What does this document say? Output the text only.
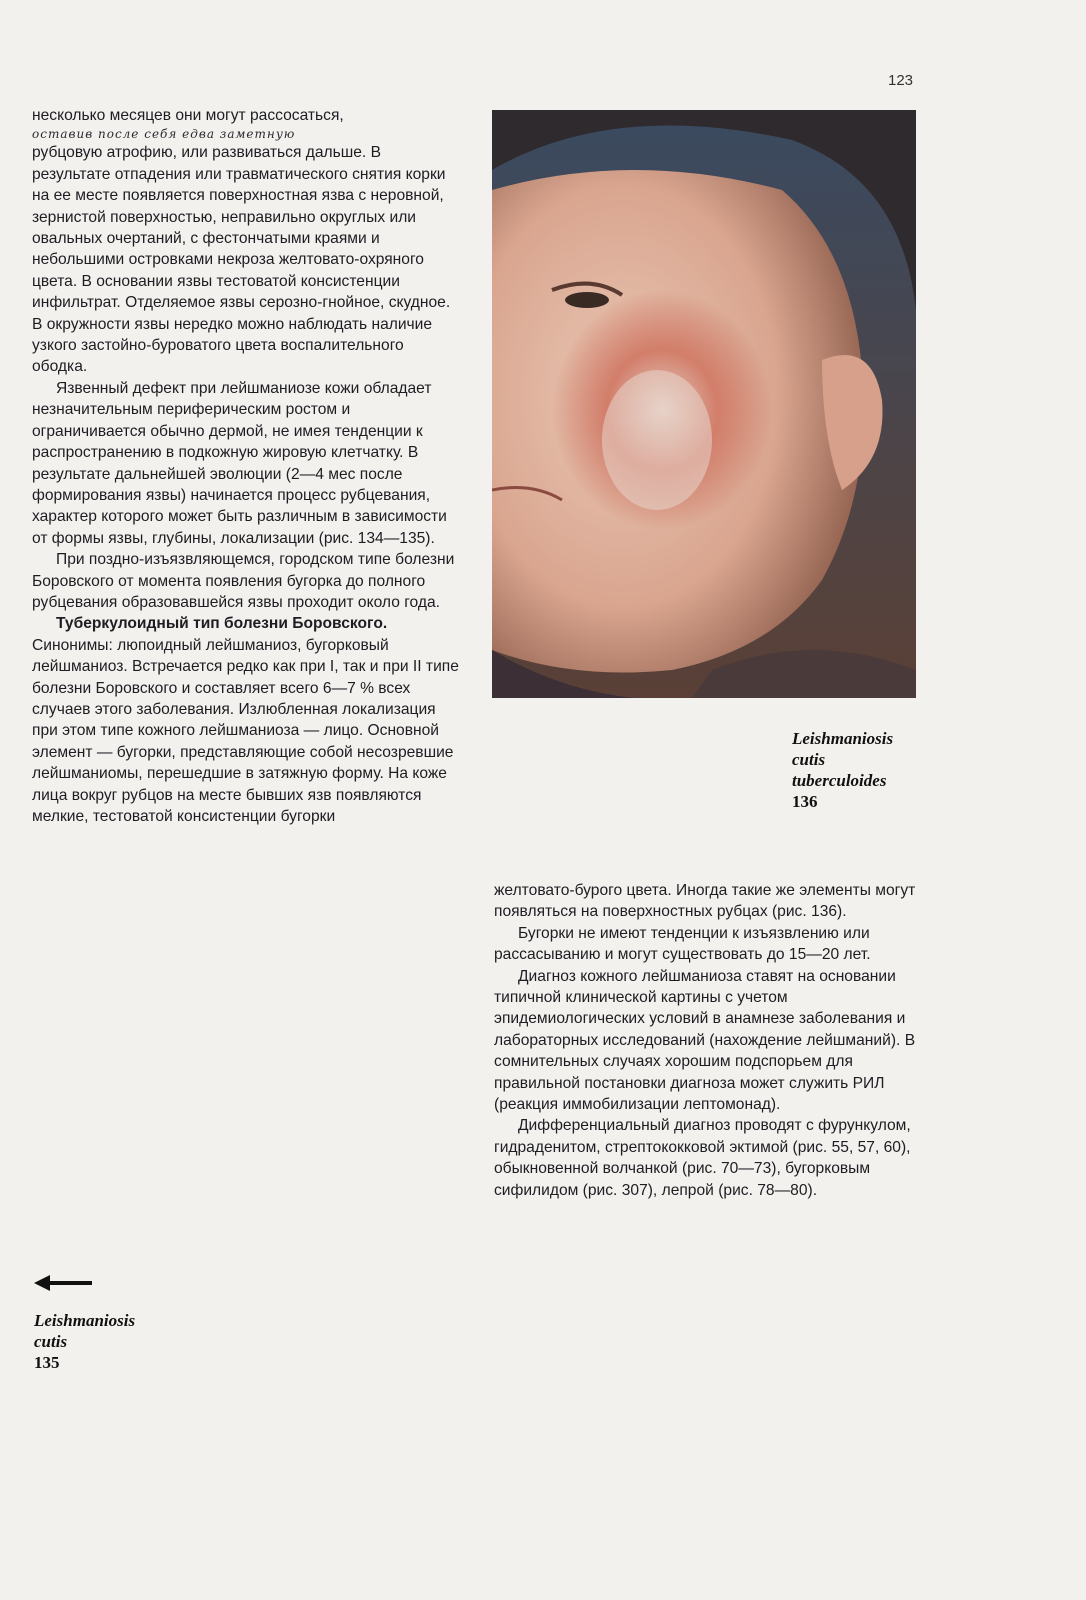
123

несколько месяцев они могут рассосаться,

оставив после себя едва заметную

рубцовую атрофию, или развиваться дальше. В результате отпадения или травматического снятия корки на ее месте появляется поверхностная язва с неровной, зернистой поверхностью, неправильно округлых или овальных очертаний, с фестончатыми краями и небольшими островками некроза желтовато-охряного цвета. В основании язвы тестоватой консистенции инфильтрат. Отделяемое язвы серозно-гнойное, скудное. В окружности язвы нередко можно наблюдать наличие узкого застойно-буроватого цвета воспалительного ободка.

Язвенный дефект при лейшманиозе кожи обладает незначительным периферическим ростом и ограничивается обычно дермой, не имея тенденции к распространению в подкожную жировую клетчатку. В результате дальнейшей эволюции (2—4 мес после формирования язвы) начинается процесс рубцевания, характер которого может быть различным в зависимости от формы язвы, глубины, локализации (рис. 134—135).

При поздно-изъязвляющемся, городском типе болезни Боровского от момента появления бугорка до полного рубцевания образовавшейся язвы проходит около года.

Туберкулоидный тип болезни Боровского. Синонимы: люпоидный лейшманиоз, бугорковый лейшманиоз. Встречается редко как при I, так и при II типе болезни Боровского и составляет всего 6—7 % всех случаев этого заболевания. Излюбленная локализация при этом типе кожного лейшманиоза — лицо. Основной элемент — бугорки, представляющие собой несозревшие лейшманиомы, перешедшие в затяжную форму. На коже лица вокруг рубцов на месте бывших язв появляются мелкие, тестоватой консистенции бугорки

Leishmaniosis
cutis
tuberculoides
136

желтовато-бурого цвета. Иногда такие же элементы могут появляться на поверхностных рубцах (рис. 136).

Бугорки не имеют тенденции к изъязвлению или рассасыванию и могут существовать до 15—20 лет.

Диагноз кожного лейшманиоза ставят на основании типичной клинической картины с учетом эпидемиологических условий в анамнезе заболевания и лабораторных исследований (нахождение лейшманий). В сомнительных случаях хорошим подспорьем для правильной постановки диагноза может служить РИЛ (реакция иммобилизации лептомонад).

Дифференциальный диагноз проводят с фурункулом, гидраденитом, стрептококковой эктимой (рис. 55, 57, 60), обыкновенной волчанкой (рис. 70—73), бугорковым сифилидом (рис. 307), лепрой (рис. 78—80).

Leishmaniosis
cutis
135
